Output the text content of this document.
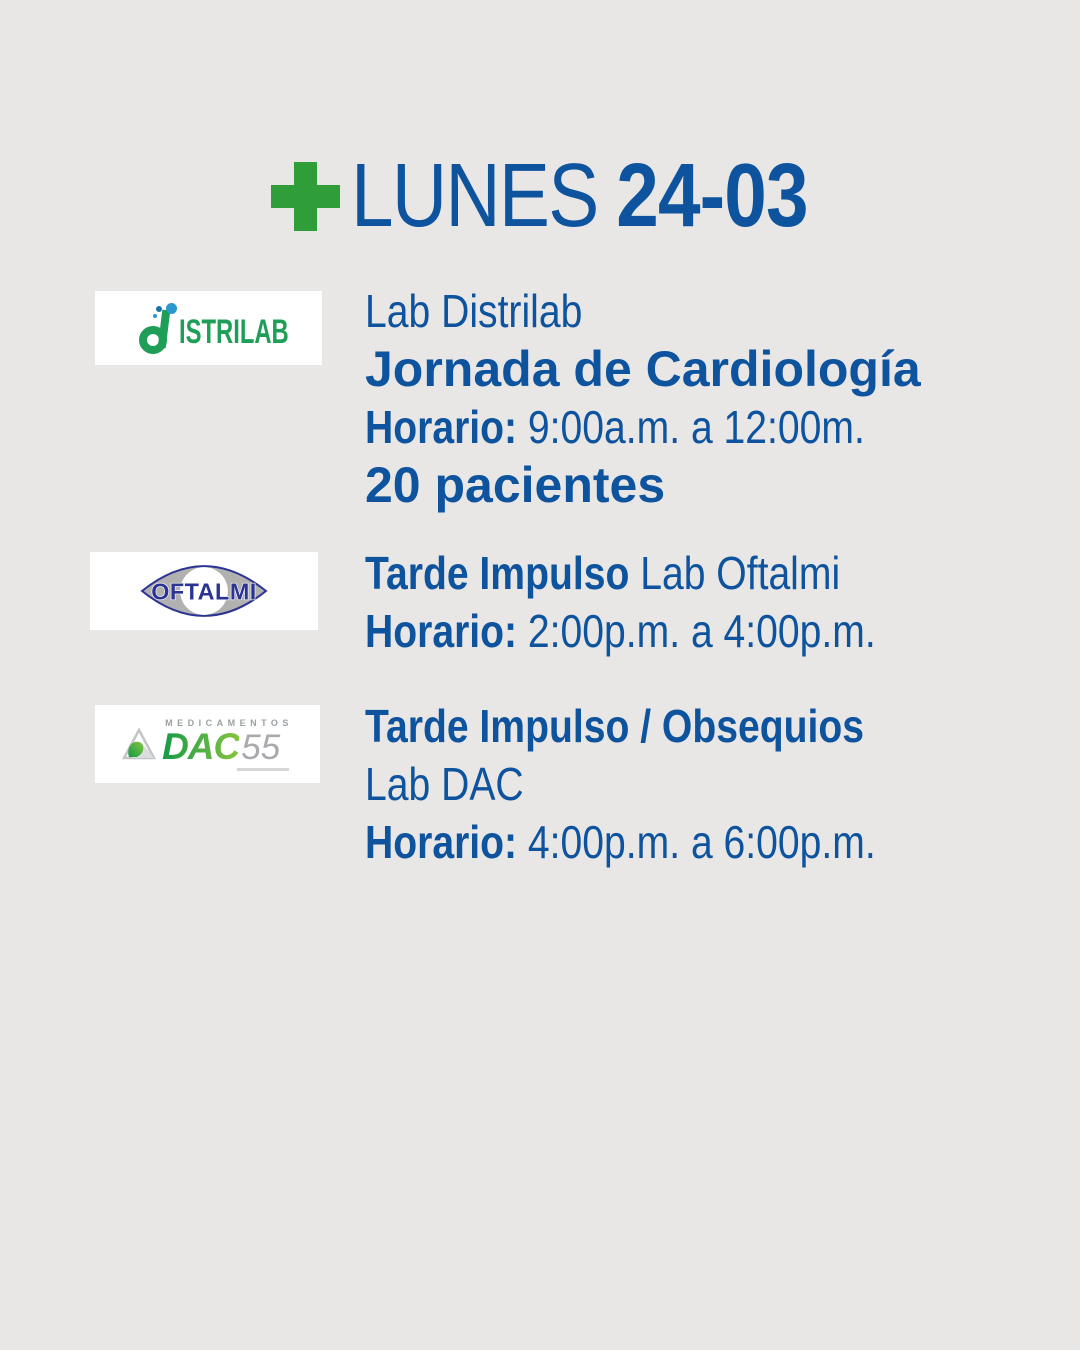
LUNES 24-03
ISTRILAB Lab Distrilab
Jornada de Cardiología
Horario: 9:00a.m. a 12:00m.
20 pacientes
OFTALMI Tarde Impulso Lab Oftalmi
Horario: 2:00p.m. a 4:00p.m.
MEDICAMENTOS
DAC 55 Tarde Impulso / Obsequios
Lab DAC
Horario: 4:00p.m. a 6:00p.m.
